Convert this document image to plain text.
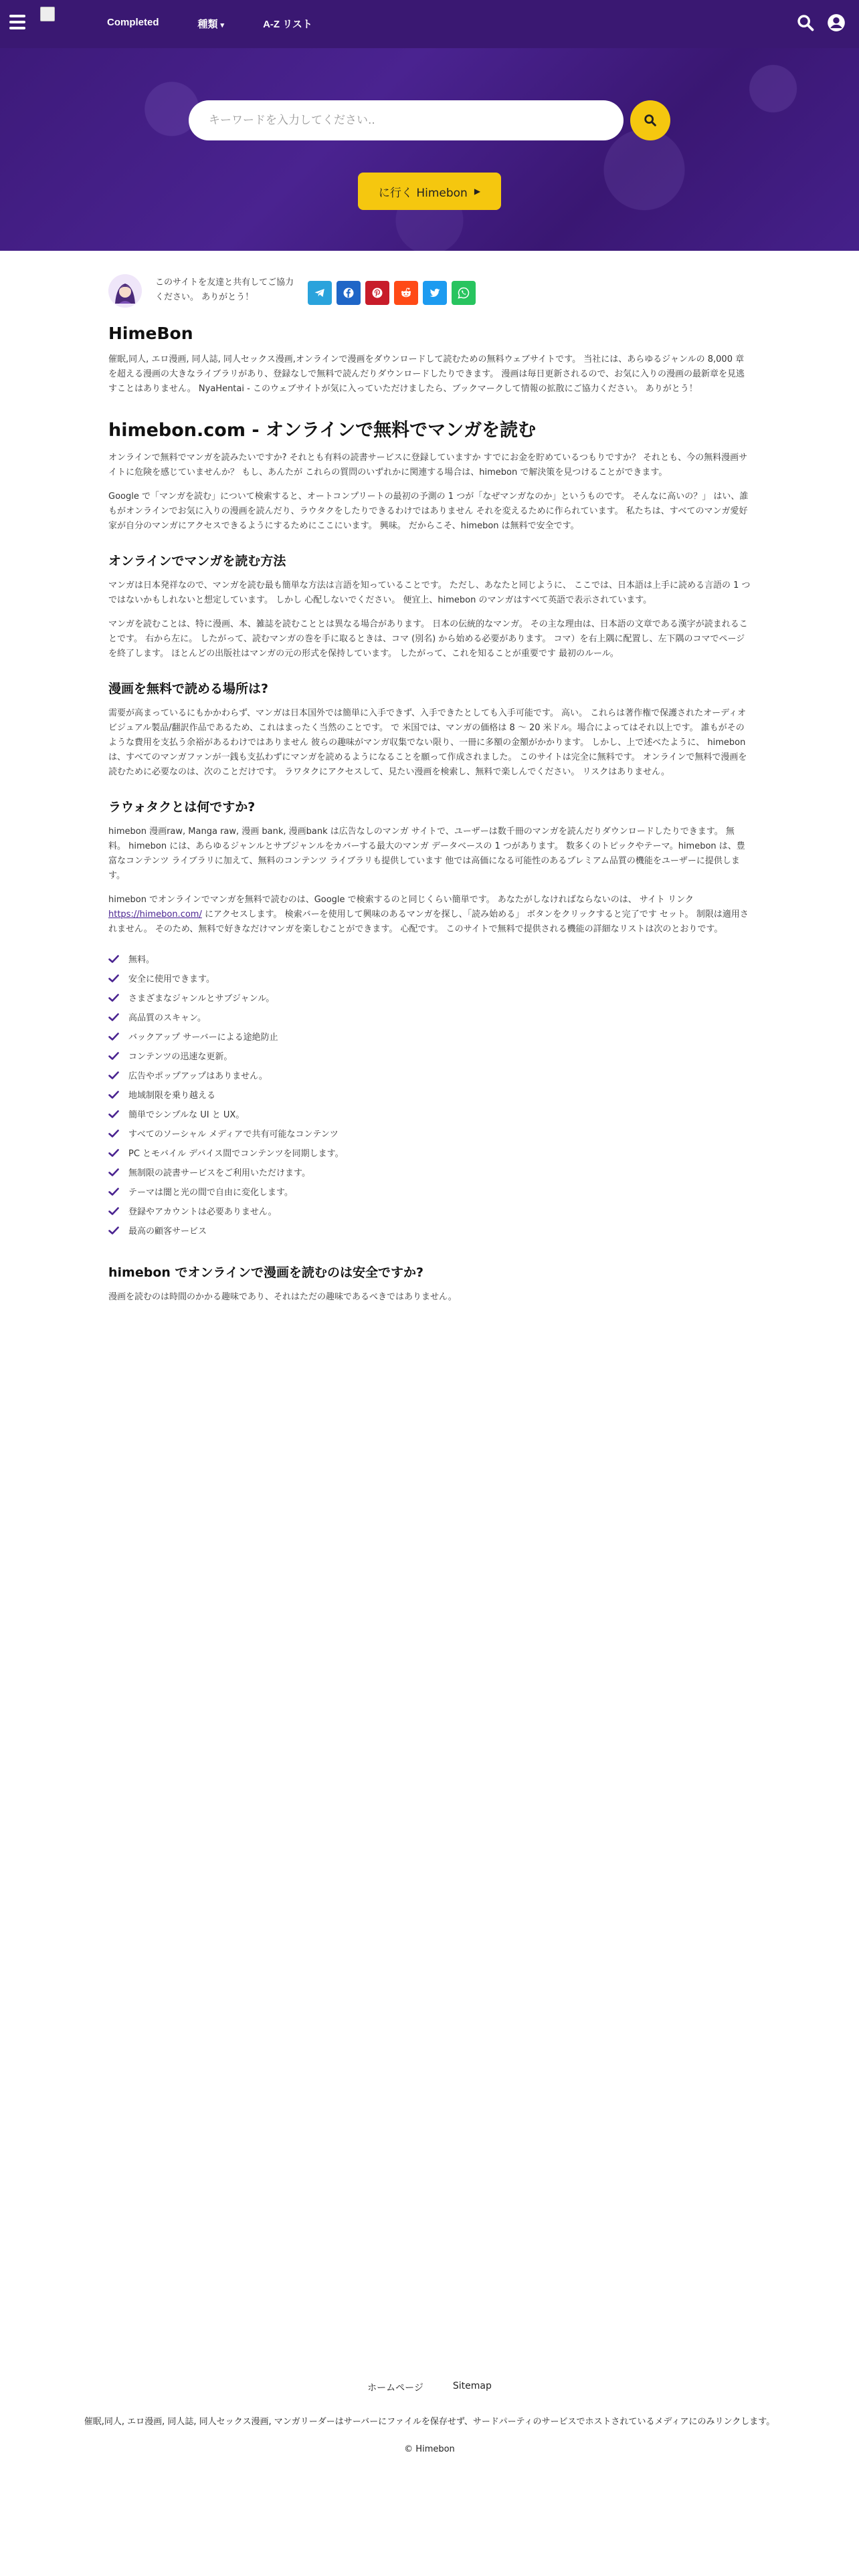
Completed	種類 ▾	A-Z リスト
キーワードを入力してください..
に行く Himebon ▶
このサイトを友達と共有してご協力ください。 ありがとう！
HimeBon

催眠,同人, エロ漫画, 同人誌, 同人セックス漫画,オンラインで漫画をダウンロードして読むための無料ウェブサイトです。 当社には、あらゆるジャンルの 8,000 章を超える漫画の大きなライブラリがあり、登録なしで無料で読んだりダウンロードしたりできます。 漫画は毎日更新されるので、お気に入りの漫画の最新章を見逃すことはありません。 NyaHentai - このウェブサイトが気に入っていただけましたら、ブックマークして情報の拡散にご協力ください。 ありがとう！

himebon.com - オンラインで無料でマンガを読む

オンラインで無料でマンガを読みたいですか? それとも有料の読書サービスに登録していますか すでにお金を貯めているつもりですか？ それとも、今の無料漫画サイトに危険を感じていませんか？ もし、あんたが これらの質問のいずれかに関連する場合は、himebon で解決策を見つけることができます。

Google で「マンガを読む」について検索すると、オートコンプリートの最初の予測の 1 つが「なぜマンガなのか」というものです。 そんなに高いの？」 はい、誰もがオンラインでお気に入りの漫画を読んだり、ラウタクをしたりできるわけではありません それを変えるために作られています。 私たちは、すべてのマンガ愛好家が自分のマンガにアクセスできるようにするためにここにいます。 興味。 だからこそ、himebon は無料で安全です。

オンラインでマンガを読む方法

マンガは日本発祥なので、マンガを読む最も簡単な方法は言語を知っていることです。 ただし、あなたと同じように、 ここでは、日本語は上手に読める言語の 1 つではないかもしれないと想定しています。 しかし 心配しないでください。 便宜上、himebon のマンガはすべて英語で表示されています。

マンガを読むことは、特に漫画、本、雑誌を読むこととは異なる場合があります。 日本の伝統的なマンガ。 その主な理由は、日本語の文章である漢字が読まれることです。 右から左に。 したがって、読むマンガの巻を手に取るときは、コマ (別名) から始める必要があります。 コマ）を右上隅に配置し、左下隅のコマでページを終了します。 ほとんどの出版社はマンガの元の形式を保持しています。 したがって、これを知ることが重要です 最初のルール。

漫画を無料で読める場所は?

需要が高まっているにもかかわらず、マンガは日本国外では簡単に入手できず、入手できたとしても入手可能です。 高い。 これらは著作権で保護されたオーディオビジュアル製品/翻訳作品であるため、これはまったく当然のことです。 で 米国では、マンガの価格は 8 ～ 20 米ドル。場合によってはそれ以上です。 誰もがそのような費用を支払う余裕があるわけではありません 彼らの趣味がマンガ収集でない限り、一冊に多額の金額がかかります。 しかし、上で述べたように、 himebon は、すべてのマンガファンが一銭も支払わずにマンガを読めるようになることを願って作成されました。 このサイトは完全に無料です。 オンラインで無料で漫画を読むために必要なのは、次のことだけです。 ラワタクにアクセスして、見たい漫画を検索し、無料で楽しんでください。 リスクはありません。

ラウォタクとは何ですか?

himebon 漫画raw, Manga raw, 漫画 bank, 漫画bank は広告なしのマンガ サイトで、ユーザーは数千冊のマンガを読んだりダウンロードしたりできます。 無料。 himebon には、あらゆるジャンルとサブジャンルをカバーする最大のマンガ データベースの 1 つがあります。 数多くのトピックやテーマ。himebon は、豊富なコンテンツ ライブラリに加えて、無料のコンテンツ ライブラリも提供しています 他では高価になる可能性のあるプレミアム品質の機能をユーザーに提供します。

himebon でオンラインでマンガを無料で読むのは、Google で検索するのと同じくらい簡単です。 あなたがしなければならないのは、 サイト リンク https://himebon.com/ にアクセスします。 検索バーを使用して興味のあるマンガを探し、「読み始める」 ボタンをクリックすると完了です セット。 制限は適用されません。 そのため、無料で好きなだけマンガを楽しむことができます。 心配です。 このサイトで無料で提供される機能の詳細なリストは次のとおりです。

無料。
安全に使用できます。
さまざまなジャンルとサブジャンル。
高品質のスキャン。
バックアップ サーバーによる途絶防止
コンテンツの迅速な更新。
広告やポップアップはありません。
地域制限を乗り越える
簡単でシンプルな UI と UX。
すべてのソーシャル メディアで共有可能なコンテンツ
PC とモバイル デバイス間でコンテンツを同期します。
無制限の読書サービスをご利用いただけます。
テーマは闇と光の間で自由に変化します。
登録やアカウントは必要ありません。
最高の顧客サービス
himebon でオンラインで漫画を読むのは安全ですか?

漫画を読むのは時間のかかる趣味であり、それはただの趣味であるべきではありません。

ホームページ	Sitemap
催眠,同人, エロ漫画, 同人誌, 同人セックス漫画, マンガリーダーはサーバーにファイルを保存せず、サードパーティのサービスでホストされているメディアにのみリンクします。
© Himebon
